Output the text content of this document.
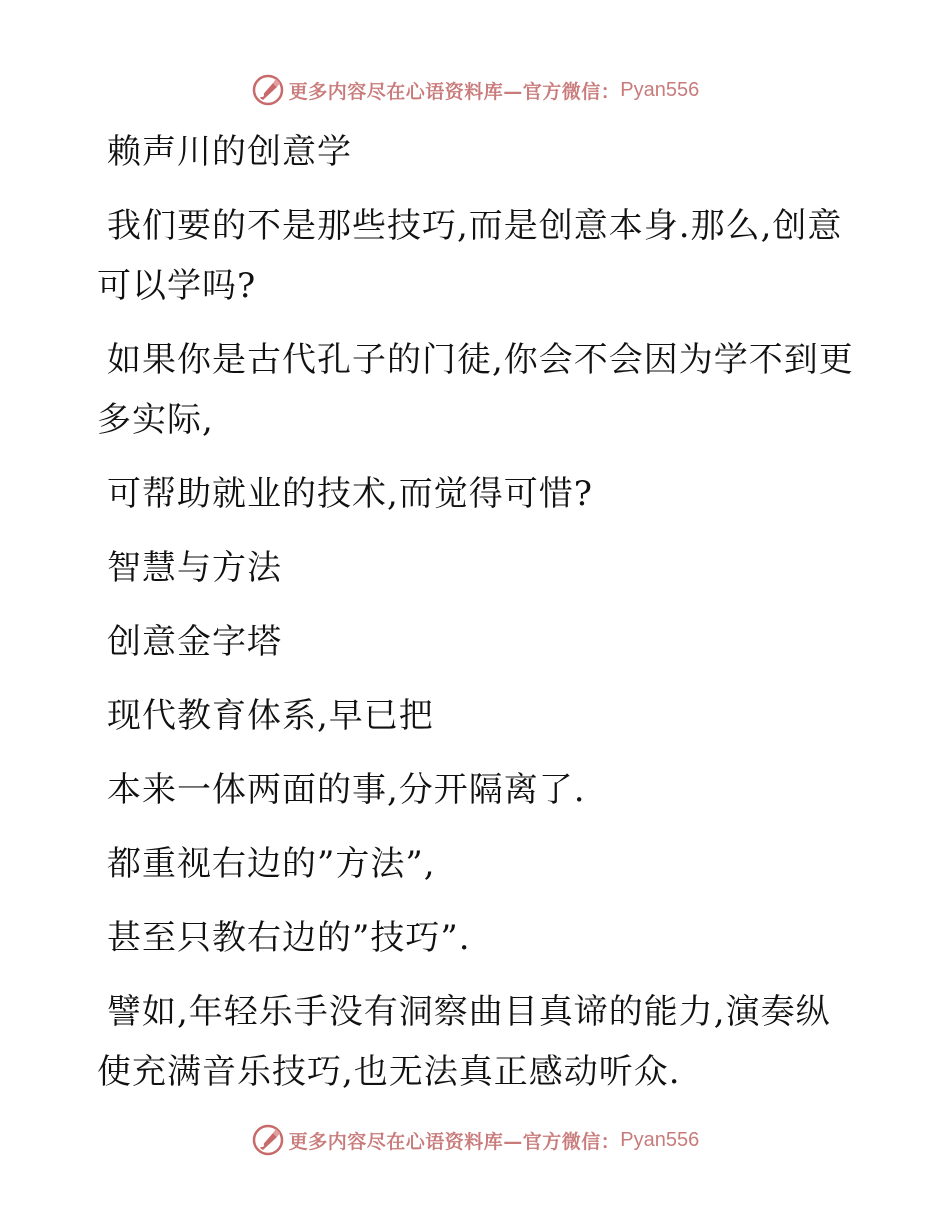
更多内容尽在心语资料库—官方微信： Pyan556

赖声川的创意学

我们要的不是那些技巧,而是创意本身.那么,创意可以学吗?

如果你是古代孔子的门徒,你会不会因为学不到更多实际,

可帮助就业的技术,而觉得可惜?

智慧与方法

创意金字塔

现代教育体系,早已把

本来一体两面的事,分开隔离了.

都重视右边的”方法”,

甚至只教右边的”技巧”.

譬如,年轻乐手没有洞察曲目真谛的能力,演奏纵使充满音乐技巧,也无法真正感动听众.

更多内容尽在心语资料库—官方微信： Pyan556
